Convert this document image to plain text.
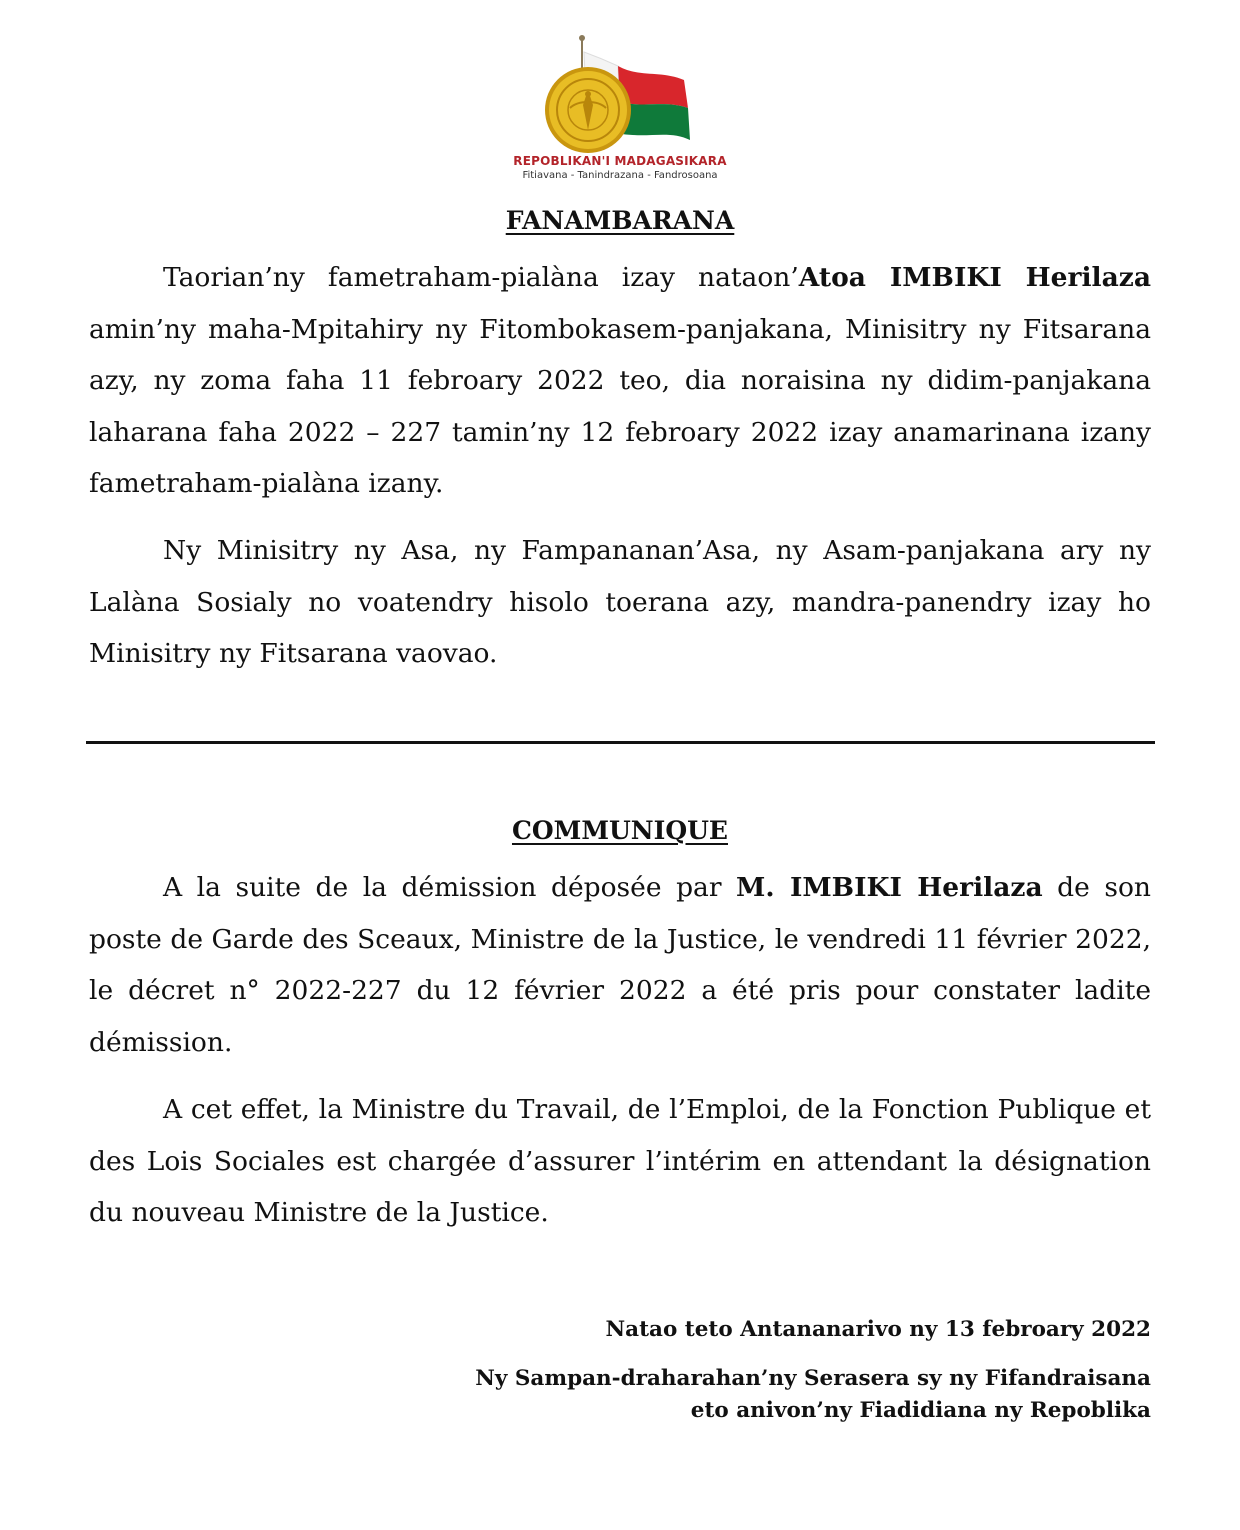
REPOBLIKAN'I MADAGASIKARA
Fitiavana - Tanindrazana - Fandrosoana
FANAMBARANA

Taorian’ny fametraham-pialàna izay nataon’Atoa IMBIKI Herilaza amin’ny maha-Mpitahiry ny Fitombokasem-panjakana, Minisitry ny Fitsarana azy, ny zoma faha 11 febroary 2022 teo, dia noraisina ny didim-panjakana laharana faha 2022 – 227 tamin’ny 12 febroary 2022 izay anamarinana izany fametraham-pialàna izany.

Ny Minisitry ny Asa, ny Fampananan’Asa, ny Asam-panjakana ary ny Lalàna Sosialy no voatendry hisolo toerana azy, mandra-panendry izay ho Minisitry ny Fitsarana vaovao.

COMMUNIQUE

A la suite de la démission déposée par M. IMBIKI Herilaza de son poste de Garde des Sceaux, Ministre de la Justice, le vendredi 11 février 2022, le décret n° 2022-227 du 12 février 2022 a été pris pour constater ladite démission.

A cet effet, la Ministre du Travail, de l’Emploi, de la Fonction Publique et des Lois Sociales est chargée d’assurer l’intérim en attendant la désignation du nouveau Ministre de la Justice.

Natao teto Antananarivo ny 13 febroary 2022
Ny Sampan-draharahan’ny Serasera sy ny Fifandraisana
eto anivon’ny Fiadidiana ny Repoblika
